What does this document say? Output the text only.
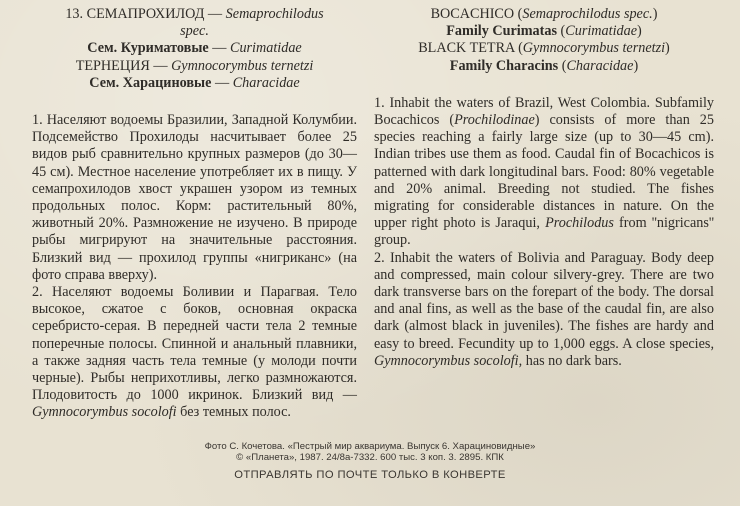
13. СЕМАПРОХИЛОД — Semaprochilodus

spec.

Сем. Куриматовые — Curimatidae

ТЕРНЕЦИЯ — Gymnocorymbus ternetzi

Сем. Харациновые — Characidae

1. Населяют водоемы Бразилии, Западной Колумбии. Подсемейство Прохилоды насчитывает более 25 видов рыб сравнительно крупных размеров (до 30—45 см). Местное население употребляет их в пищу. У семапрохилодов хвост украшен узором из темных продольных полос. Корм: растительный 80%, животный 20%. Размножение не изучено. В природе рыбы мигрируют на значительные расстояния. Близкий вид — прохилод группы «нигриканс» (на фото справа вверху).

2. Населяют водоемы Боливии и Парагвая. Тело высокое, сжатое с боков, основная окраска серебристо-серая. В передней части тела 2 темные поперечные полосы. Спинной и анальный плавники, а также задняя часть тела темные (у молоди почти черные). Рыбы неприхотливы, легко размножаются. Плодовитость до 1000 икринок. Близкий вид — Gymnocorymbus socolofi без темных полос.

BOCACHICO (Semaprochilodus spec.)

Family Curimatas (Curimatidae)

BLACK TETRA (Gymnocorymbus ternetzi)

Family Characins (Characidae)

1. Inhabit the waters of Brazil, West Colombia. Subfamily Bocachicos (Prochilodinae) consists of more than 25 species reaching a fairly large size (up to 30—45 cm). Indian tribes use them as food. Caudal fin of Bocachicos is patterned with dark longitudinal bars. Food: 80% vegetable and 20% animal. Breeding not studied. The fishes migrating for considerable distances in nature. On the upper right photo is Jaraqui, Prochilodus from ''nigricans'' group.

2. Inhabit the waters of Bolivia and Paraguay. Body deep and compressed, main colour silvery-grey. There are two dark transverse bars on the forepart of the body. The dorsal and anal fins, as well as the base of the caudal fin, are also dark (almost black in juveniles). The fishes are hardy and easy to breed. Fecundity up to 1,000 eggs. A close species, Gymnocorymbus socolofi, has no dark bars.

Фото С. Кочетова. «Пестрый мир аквариума. Выпуск 6. Харациновидные»
© «Планета», 1987. 24/8а-7332. 600 тыс. 3 коп. 3. 2895. КПК
ОТПРАВЛЯТЬ ПО ПОЧТЕ ТОЛЬКО В КОНВЕРТЕ
